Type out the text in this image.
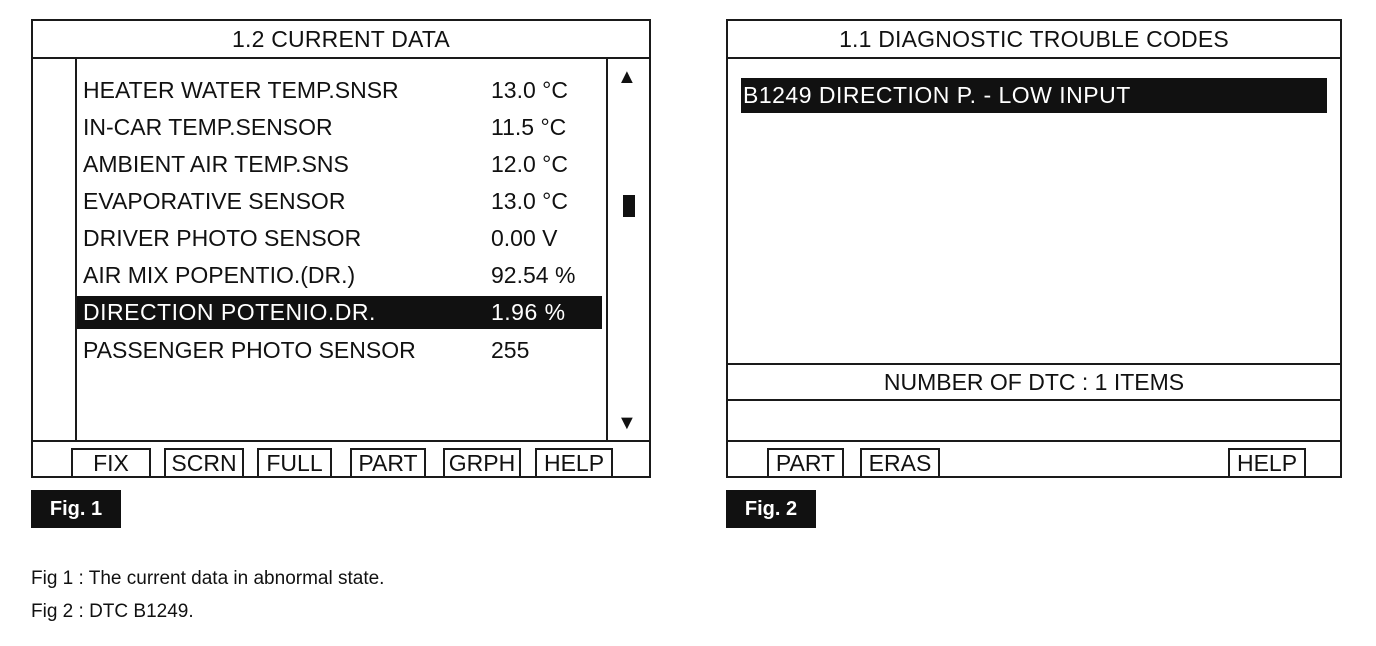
1.2 CURRENT DATA
HEATER WATER TEMP.SNSR	13.0 °C
IN-CAR TEMP.SENSOR	11.5 °C
AMBIENT AIR TEMP.SNS	12.0 °C
EVAPORATIVE SENSOR	13.0 °C
DRIVER PHOTO SENSOR	0.00 V
AIR MIX POPENTIO.(DR.)	92.54 %
DIRECTION POTENIO.DR.	1.96 %
PASSENGER PHOTO SENSOR	255
▲
▼
FIX	SCRN	FULL	PART	GRPH	HELP
1.1 DIAGNOSTIC TROUBLE CODES
B1249 DIRECTION P. - LOW INPUT
NUMBER OF DTC : 1 ITEMS
PART	ERAS	HELP
Fig. 1	Fig. 2
Fig 1 : The current data in abnormal state.
Fig 2 : DTC B1249.
